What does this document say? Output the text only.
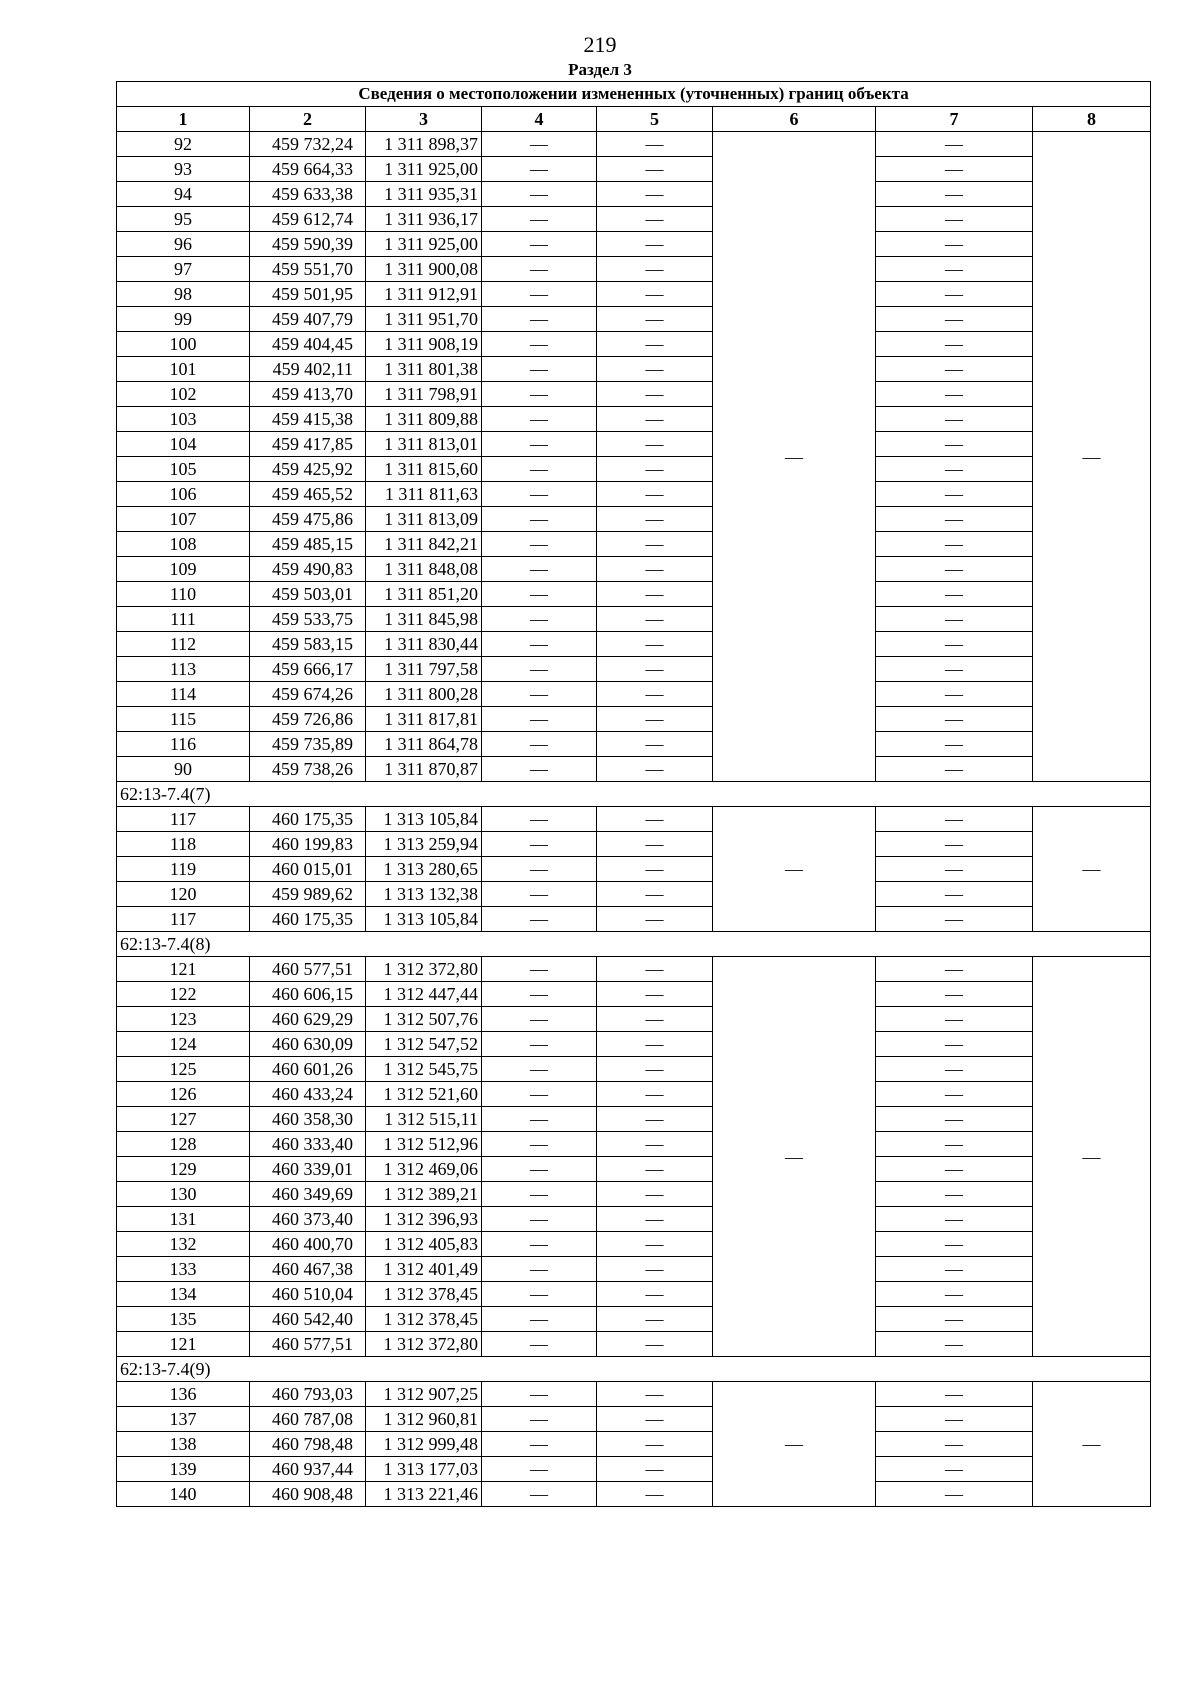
219
Раздел 3
Сведения о местоположении измененных (уточненных) границ объекта							
1	2	3	4	5	6	7	8
92	459 732,24	1 311 898,37	—	—	—	—	—
93	459 664,33	1 311 925,00	—	—		—	
94	459 633,38	1 311 935,31	—	—		—	
95	459 612,74	1 311 936,17	—	—		—	
96	459 590,39	1 311 925,00	—	—		—	
97	459 551,70	1 311 900,08	—	—		—	
98	459 501,95	1 311 912,91	—	—		—	
99	459 407,79	1 311 951,70	—	—		—	
100	459 404,45	1 311 908,19	—	—		—	
101	459 402,11	1 311 801,38	—	—		—	
102	459 413,70	1 311 798,91	—	—		—	
103	459 415,38	1 311 809,88	—	—		—	
104	459 417,85	1 311 813,01	—	—		—	
105	459 425,92	1 311 815,60	—	—		—	
106	459 465,52	1 311 811,63	—	—		—	
107	459 475,86	1 311 813,09	—	—		—	
108	459 485,15	1 311 842,21	—	—		—	
109	459 490,83	1 311 848,08	—	—		—	
110	459 503,01	1 311 851,20	—	—		—	
111	459 533,75	1 311 845,98	—	—		—	
112	459 583,15	1 311 830,44	—	—		—	
113	459 666,17	1 311 797,58	—	—		—	
114	459 674,26	1 311 800,28	—	—		—	
115	459 726,86	1 311 817,81	—	—		—	
116	459 735,89	1 311 864,78	—	—		—	
90	459 738,26	1 311 870,87	—	—		—	
62:13-7.4(7)							
117	460 175,35	1 313 105,84	—	—	—	—	—
118	460 199,83	1 313 259,94	—	—		—	
119	460 015,01	1 313 280,65	—	—		—	
120	459 989,62	1 313 132,38	—	—		—	
117	460 175,35	1 313 105,84	—	—		—	
62:13-7.4(8)							
121	460 577,51	1 312 372,80	—	—	—	—	—
122	460 606,15	1 312 447,44	—	—		—	
123	460 629,29	1 312 507,76	—	—		—	
124	460 630,09	1 312 547,52	—	—		—	
125	460 601,26	1 312 545,75	—	—		—	
126	460 433,24	1 312 521,60	—	—		—	
127	460 358,30	1 312 515,11	—	—		—	
128	460 333,40	1 312 512,96	—	—		—	
129	460 339,01	1 312 469,06	—	—		—	
130	460 349,69	1 312 389,21	—	—		—	
131	460 373,40	1 312 396,93	—	—		—	
132	460 400,70	1 312 405,83	—	—		—	
133	460 467,38	1 312 401,49	—	—		—	
134	460 510,04	1 312 378,45	—	—		—	
135	460 542,40	1 312 378,45	—	—		—	
121	460 577,51	1 312 372,80	—	—		—	
62:13-7.4(9)							
136	460 793,03	1 312 907,25	—	—	—	—	—
137	460 787,08	1 312 960,81	—	—		—	
138	460 798,48	1 312 999,48	—	—		—	
139	460 937,44	1 313 177,03	—	—		—	
140	460 908,48	1 313 221,46	—	—		—	
